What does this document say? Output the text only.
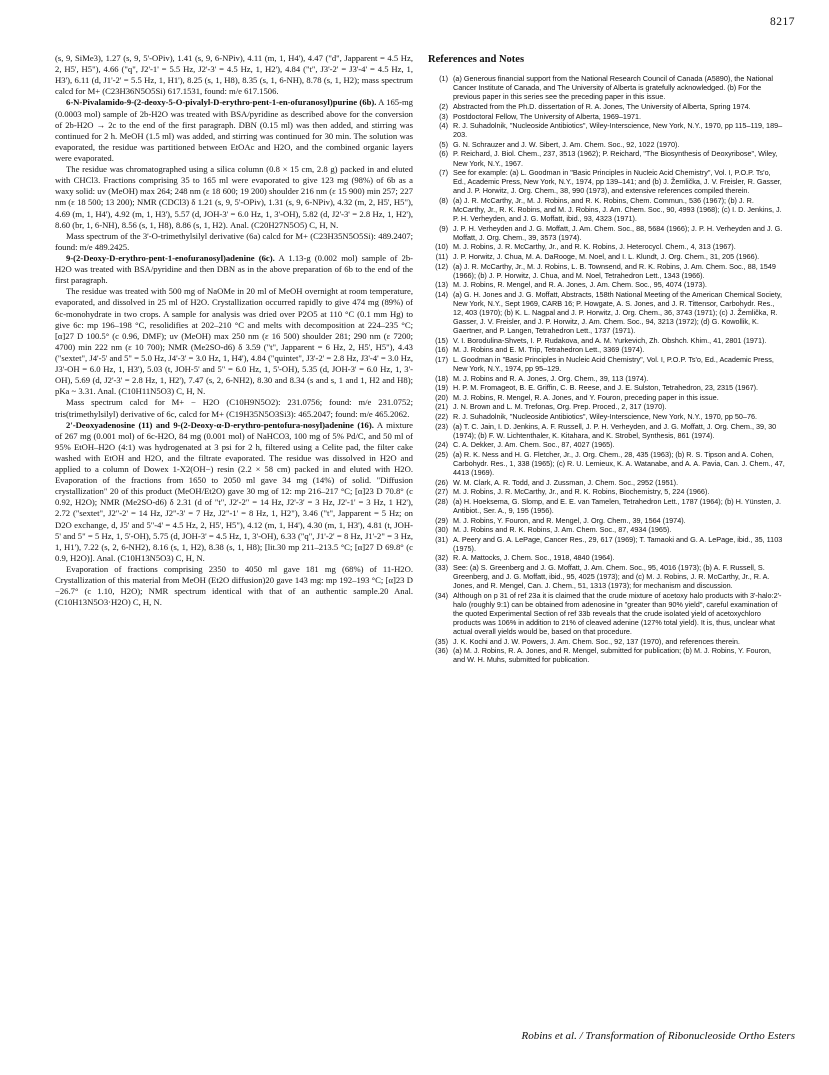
8217

(s, 9, SiMe3), 1.27 (s, 9, 5'-OPiv), 1.41 (s, 9, 6-NPiv), 4.11 (m, 1, H4'), 4.47 ("d", Japparent = 4.5 Hz, 2, H5', H5"), 4.66 ("q", J2'-1' = 5.5 Hz, J2'-3' = 4.5 Hz, 1, H2'), 4.84 ("t", J3'-2' = J3'-4' = 4.5 Hz, 1, H3'), 6.11 (d, J1'-2' = 5.5 Hz, 1, H1'), 8.25 (s, 1, H8), 8.35 (s, 1, 6-NH), 8.78 (s, 1, H2); mass spectrum calcd for M+ (C23H36N5O5Si) 617.1531, found: m/e 617.1506.

6-N-Pivalamido-9-(2-deoxy-5-O-pivalyl-D-erythro-pent-1-en-ofuranosyl)purine (6b). A 165-mg (0.0003 mol) sample of 2b-H2O was treated with BSA/pyridine as described above for the conversion of 2b-H2O → 2c to the end of the first paragraph. DBN (0.15 ml) was then added, and stirring was continued for 2 h. MeOH (1.5 ml) was added, and stirring was continued for 30 min. The solution was evaporated, the residue was partitioned between EtOAc and H2O, and the combined organic layers were evaporated.

The residue was chromatographed using a silica column (0.8 × 15 cm, 2.8 g) packed in and eluted with CHCl3. Fractions comprising 35 to 165 ml were evaporated to give 123 mg (98%) of 6b as a waxy solid: uv (MeOH) max 264; 248 nm (ε 18 600; 19 200) shoulder 216 nm (ε 15 900) min 257; 227 nm (ε 18 500; 13 200); NMR (CDCl3) δ 1.21 (s, 9, 5'-OPiv), 1.31 (s, 9, 6-NPiv), 4.32 (m, 2, H5', H5"), 4.69 (m, 1, H4'), 4.92 (m, 1, H3'), 5.57 (d, JOH-3' = 6.0 Hz, 1, 3'-OH), 5.82 (d, J2'-3' = 2.8 Hz, 1, H2'), 8.60 (br, 1, 6-NH), 8.56 (s, 1, H8), 8.86 (s, 1, H2). Anal. (C20H27N5O5) C, H, N.

Mass spectrum of the 3'-O-trimethylsilyl derivative (6a) calcd for M+ (C23H35N5O5Si): 489.2407; found: m/e 489.2425.

9-(2-Deoxy-D-erythro-pent-1-enofuranosyl)adenine (6c). A 1.13-g (0.002 mol) sample of 2b-H2O was treated with BSA/pyridine and then DBN as in the above preparation of 6b to the end of the first paragraph.

The residue was treated with 500 mg of NaOMe in 20 ml of MeOH overnight at room temperature, evaporated, and dissolved in 25 ml of H2O. Crystallization occurred rapidly to give 474 mg (89%) of 6c-monohydrate in two crops. A sample for analysis was dried over P2O5 at 110 °C (0.1 mm Hg) to give 6c: mp 196–198 °C, resolidifies at 202–210 °C and melts with decomposition at 224–235 °C; [α]27 D 100.5° (c 0.96, DMF); uv (MeOH) max 250 nm (ε 16 500) shoulder 281; 290 nm (ε 7200; 4700) min 222 nm (ε 10 700); NMR (Me2SO-d6) δ 3.59 ("t", Japparent = 6 Hz, 2, H5', H5"), 4.43 ("sextet", J4'-5' and 5" = 5.0 Hz, J4'-3' = 3.0 Hz, 1, H4'), 4.84 ("quintet", J3'-2' = 2.8 Hz, J3'-4' = 3.0 Hz, J3'-OH = 6.0 Hz, 1, H3'), 5.03 (t, JOH-5' and 5" = 6.0 Hz, 1, 5'-OH), 5.35 (d, JOH-3' = 6.0 Hz, 1, 3'-OH), 5.69 (d, J2'-3' = 2.8 Hz, 1, H2'), 7.47 (s, 2, 6-NH2), 8.30 and 8.34 (s and s, 1 and 1, H2 and H8); pKa ~ 3.31. Anal. (C10H11N5O3) C, H, N.

Mass spectrum calcd for M+ − H2O (C10H9N5O2): 231.0756; found: m/e 231.0752; tris(trimethylsilyl) derivative of 6c, calcd for M+ (C19H35N5O3Si3): 465.2047; found: m/e 465.2062.

2'-Deoxyadenosine (11) and 9-(2-Deoxy-α-D-erythro-pentofura-nosyl)adenine (16). A mixture of 267 mg (0.001 mol) of 6c-H2O, 84 mg (0.001 mol) of NaHCO3, 100 mg of 5% Pd/C, and 50 ml of 95% EtOH–H2O (4:1) was hydrogenated at 3 psi for 2 h, filtered using a Celite pad, the filter cake washed with EtOH and H2O, and the filtrate evaporated. The residue was dissolved in H2O and applied to a column of Dowex 1-X2(OH−) resin (2.2 × 58 cm) packed in and eluted with H2O. Evaporation of the fractions from 1650 to 2050 ml gave 34 mg (14%) of solid. "Diffusion crystallization" 20 of this product (MeOH/Et2O) gave 30 mg of 12: mp 216–217 °C; [α]23 D 70.8° (c 0.92, H2O); NMR (Me2SO-d6) δ 2.31 (d of "t", J2'-2" = 14 Hz, J2'-3' = 3 Hz, J2'-1' = 3 Hz, 1 H2'), 2.72 ("sextet", J2"-2' = 14 Hz, J2"-3' = 7 Hz, J2"-1' = 8 Hz, 1, H2"), 3.46 ("t", Japparent = 5 Hz; on D2O exchange, d, J5' and 5"-4' = 4.5 Hz, 2, H5', H5"), 4.12 (m, 1, H4'), 4.30 (m, 1, H3'), 4.81 (t, JOH-5' and 5" = 5 Hz, 1, 5'-OH), 5.75 (d, JOH-3' = 4.5 Hz, 1, 3'-OH), 6.33 ("q", J1'-2' = 8 Hz, J1'-2" = 3 Hz, 1, H1'), 7.22 (s, 2, 6-NH2), 8.16 (s, 1, H2), 8.38 (s, 1, H8); [lit.30 mp 211–213.5 °C; [α]27 D 69.8° (c 0.9, H2O)]. Anal. (C10H13N5O3) C, H, N.

Evaporation of fractions comprising 2350 to 4050 ml gave 181 mg (68%) of 11-H2O. Crystallization of this material from MeOH (Et2O diffusion)20 gave 143 mg: mp 192–193 °C; [α]23 D −26.7° (c 1.10, H2O); NMR spectrum identical with that of an authentic sample.20 Anal. (C10H13N5O3·H2O) C, H, N.

References and Notes
(1) (a) Generous financial support from the National Research Council of Canada (A5890), the National Cancer Institute of Canada, and The University of Alberta is gratefully acknowledged. (b) For the previous paper in this series see the preceding paper in this issue.
(2) Abstracted from the Ph.D. dissertation of R. A. Jones, The University of Alberta, Spring 1974.
(3) Postdoctoral Fellow, The University of Alberta, 1969–1971.
(4) R. J. Suhadolnik, "Nucleoside Antibiotics", Wiley-Interscience, New York, N.Y., 1970, pp 115–119, 189–203.
(5) G. N. Schrauzer and J. W. Sibert, J. Am. Chem. Soc., 92, 1022 (1970).
(6) P. Reichard, J. Biol. Chem., 237, 3513 (1962); P. Reichard, "The Biosynthesis of Deoxyribose", Wiley, New York, N.Y., 1967.
(7) See for example: (a) L. Goodman in "Basic Principles in Nucleic Acid Chemistry", Vol. I, P.O.P. Ts'o, Ed., Academic Press, New York, N.Y., 1974, pp 139–141; and (b) J. Žemlička, J. V. Freisler, R. Gasser, and J. P. Horwitz, J. Org. Chem., 38, 990 (1973), and extensive references compiled therein.
(8) (a) J. R. McCarthy, Jr., M. J. Robins, and R. K. Robins, Chem. Commun., 536 (1967); (b) J. R. McCarthy, Jr., R. K. Robins, and M. J. Robins, J. Am. Chem. Soc., 90, 4993 (1968); (c) I. D. Jenkins, J. P. H. Verheyden, and J. G. Moffatt, ibid., 93, 4323 (1971).
(9) J. P. H. Verheyden and J. G. Moffatt, J. Am. Chem. Soc., 88, 5684 (1966); J. P. H. Verheyden and J. G. Moffatt, J. Org. Chem., 39, 3573 (1974).
(10) M. J. Robins, J. R. McCarthy, Jr., and R. K. Robins, J. Heterocycl. Chem., 4, 313 (1967).
(11) J. P. Horwitz, J. Chua, M. A. DaRooge, M. Noel, and I. L. Klundt, J. Org. Chem., 31, 205 (1966).
(12) (a) J. R. McCarthy, Jr., M. J. Robins, L. B. Townsend, and R. K. Robins, J. Am. Chem. Soc., 88, 1549 (1966); (b) J. P. Horwitz, J. Chua, and M. Noel, Tetrahedron Lett., 1343 (1966).
(13) M. J. Robins, R. Mengel, and R. A. Jones, J. Am. Chem. Soc., 95, 4074 (1973).
(14) (a) G. H. Jones and J. G. Moffatt, Abstracts, 158th National Meeting of the American Chemical Society, New York, N.Y., Sept 1969, CARB 16; P. Howgate, A. S. Jones, and J. R. Tittensor, Carbohydr. Res., 12, 403 (1970); (b) K. L. Nagpal and J. P. Horwitz, J. Org. Chem., 36, 3743 (1971); (c) J. Žemlička, R. Gasser, J. V. Freisler, and J. P. Horwitz, J. Am. Chem. Soc., 94, 3213 (1972); (d) G. Kowollik, K. Gaertner, and P. Langen, Tetrahedron Lett., 1737 (1971).
(15) V. I. Borodulina-Shvets, I. P. Rudakova, and A. M. Yurkevich, Zh. Obshch. Khim., 41, 2801 (1971).
(16) M. J. Robins and E. M. Trip, Tetrahedron Lett., 3369 (1974).
(17) L. Goodman in "Basic Principles in Nucleic Acid Chemistry", Vol. I, P.O.P. Ts'o, Ed., Academic Press, New York, N.Y., 1974, pp 95–129.
(18) M. J. Robins and R. A. Jones, J. Org. Chem., 39, 113 (1974).
(19) H. P. M. Fromageot, B. E. Griffin, C. B. Reese, and J. E. Sulston, Tetrahedron, 23, 2315 (1967).
(20) M. J. Robins, R. Mengel, R. A. Jones, and Y. Fouron, preceding paper in this issue.
(21) J. N. Brown and L. M. Trefonas, Org. Prep. Proced., 2, 317 (1970).
(22) R. J. Suhadolnik, "Nucleoside Antibiotics", Wiley-Interscience, New York, N.Y., 1970, pp 50–76.
(23) (a) T. C. Jain, I. D. Jenkins, A. F. Russell, J. P. H. Verheyden, and J. G. Moffatt, J. Org. Chem., 39, 30 (1974); (b) F. W. Lichtenthaler, K. Kitahara, and K. Strobel, Synthesis, 861 (1974).
(24) C. A. Dekker, J. Am. Chem. Soc., 87, 4027 (1965).
(25) (a) R. K. Ness and H. G. Fletcher, Jr., J. Org. Chem., 28, 435 (1963); (b) R. S. Tipson and A. Cohen, Carbohydr. Res., 1, 338 (1965); (c) R. U. Lemieux, K. A. Watanabe, and A. A. Pavia, Can. J. Chem., 47, 4413 (1969).
(26) W. M. Clark, A. R. Todd, and J. Zussman, J. Chem. Soc., 2952 (1951).
(27) M. J. Robins, J. R. McCarthy, Jr., and R. K. Robins, Biochemistry, 5, 224 (1966).
(28) (a) H. Hoeksema, G. Slomp, and E. E. van Tamelen, Tetrahedron Lett., 1787 (1964); (b) H. Yünsten, J. Antibiot., Ser. A., 9, 195 (1956).
(29) M. J. Robins, Y. Fouron, and R. Mengel, J. Org. Chem., 39, 1564 (1974).
(30) M. J. Robins and R. K. Robins, J. Am. Chem. Soc., 87, 4934 (1965).
(31) A. Peery and G. A. LePage, Cancer Res., 29, 617 (1969); T. Tamaoki and G. A. LePage, ibid., 35, 1103 (1975).
(32) R. A. Mattocks, J. Chem. Soc., 1918, 4840 (1964).
(33) See: (a) S. Greenberg and J. G. Moffatt, J. Am. Chem. Soc., 95, 4016 (1973); (b) A. F. Russell, S. Greenberg, and J. G. Moffatt, ibid., 95, 4025 (1973); and (c) M. J. Robins, J. R. McCarthy, Jr., R. A. Jones, and R. Mengel, Can. J. Chem., 51, 1313 (1973); for mechanism and discussion.
(34) Although on p 31 of ref 23a it is claimed that the crude mixture of acetoxy halo products with 3'-halo:2'-halo (roughly 9:1) can be obtained from adenosine in "greater than 90% yield", careful examination of the quoted Experimental Section of ref 33b reveals that the crude isolated yield of acetoxychloro products was 106% in addition to 21% of cleaved adenine (127% total yield). It is, thus, unclear what actual overall yields would be, based on that procedure.
(35) J. K. Kochi and J. W. Powers, J. Am. Chem. Soc., 92, 137 (1970), and references therein.
(36) (a) M. J. Robins, R. A. Jones, and R. Mengel, submitted for publication; (b) M. J. Robins, Y. Fouron, and W. H. Muhs, submitted for publication.
Robins et al. / Transformation of Ribonucleoside Ortho Esters
